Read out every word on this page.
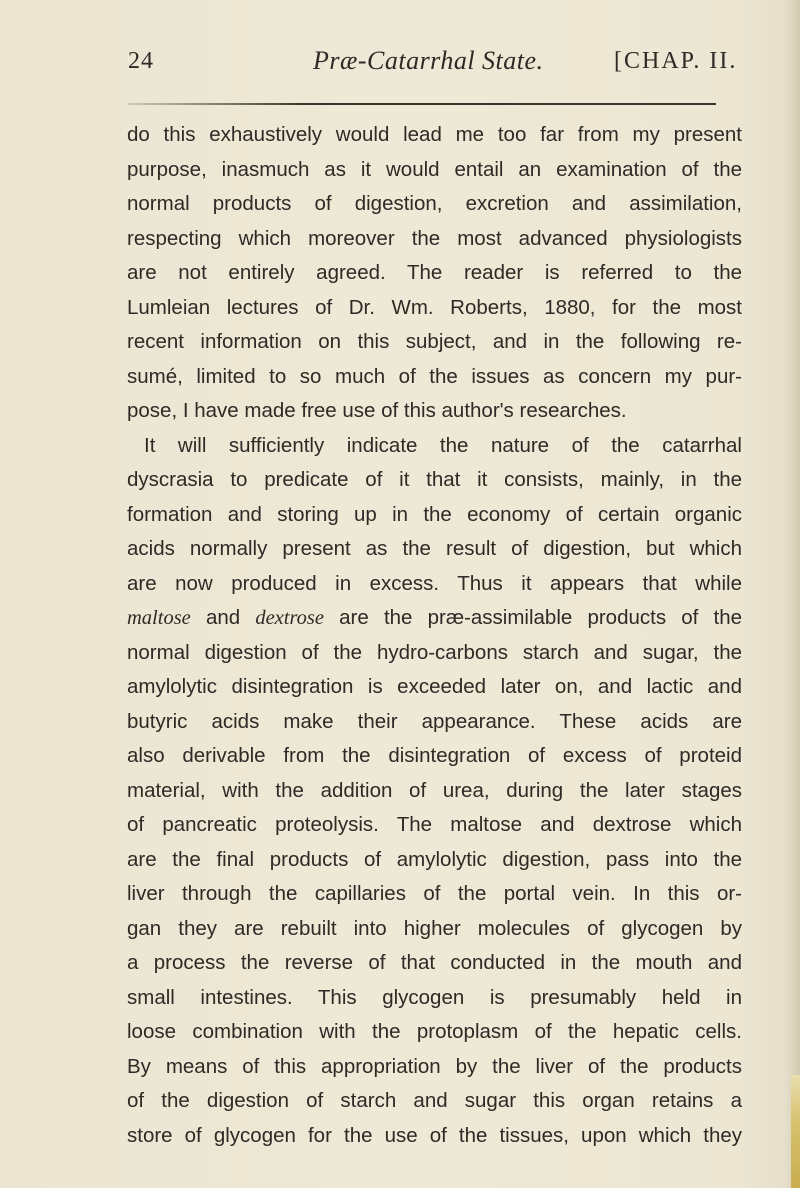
24	Præ-Catarrhal State.	[CHAP. II.
do this exhaustively would lead me too far from my present
purpose, inasmuch as it would entail an examination of the
normal products of digestion, excretion and assimilation,
respecting which moreover the most advanced physiologists
are not entirely agreed. The reader is referred to the
Lumleian lectures of Dr. Wm. Roberts, 1880, for the most
recent information on this subject, and in the following re-
sumé, limited to so much of the issues as concern my pur-
pose, I have made free use of this author's researches.
It will sufficiently indicate the nature of the catarrhal
dyscrasia to predicate of it that it consists, mainly, in the
formation and storing up in the economy of certain organic
acids normally present as the result of digestion, but which
are now produced in excess. Thus it appears that while
maltose and dextrose are the præ-assimilable products of the
normal digestion of the hydro-carbons starch and sugar, the
amylolytic disintegration is exceeded later on, and lactic and
butyric acids make their appearance. These acids are
also derivable from the disintegration of excess of proteid
material, with the addition of urea, during the later stages
of pancreatic proteolysis. The maltose and dextrose which
are the final products of amylolytic digestion, pass into the
liver through the capillaries of the portal vein. In this or-
gan they are rebuilt into higher molecules of glycogen by
a process the reverse of that conducted in the mouth and
small intestines. This glycogen is presumably held in
loose combination with the protoplasm of the hepatic cells.
By means of this appropriation by the liver of the products
of the digestion of starch and sugar this organ retains a
store of glycogen for the use of the tissues, upon which they
